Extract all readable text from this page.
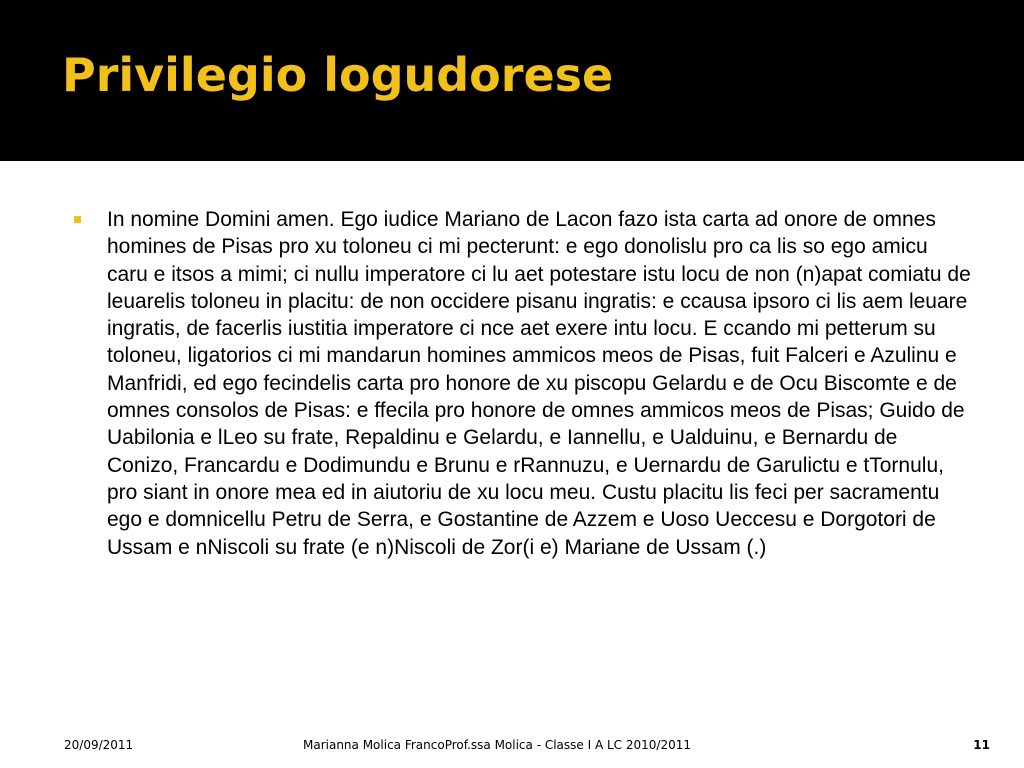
Privilegio logudorese

In nomine Domini amen. Ego iudice Mariano de Lacon fazo ista carta ad onore de omnes homines de Pisas pro xu toloneu ci mi pecterunt: e ego donolislu pro ca lis so ego amicu caru e itsos a mimi; ci nullu imperatore ci lu aet potestare istu locu de non (n)apat comiatu de leuarelis toloneu in placitu: de non occidere pisanu ingratis: e ccausa ipsoro ci lis aem leuare ingratis, de facerlis iustitia imperatore ci nce aet exere intu locu. E ccando mi petterum su toloneu, ligatorios ci mi mandarun homines ammicos meos de Pisas, fuit Falceri e Azulinu e Manfridi, ed ego fecindelis carta pro honore de xu piscopu Gelardu e de Ocu Biscomte e de omnes consolos de Pisas: e ffecila pro honore de omnes ammicos meos de Pisas; Guido de Uabilonia e lLeo su frate, Repaldinu e Gelardu, e Iannellu, e Ualduinu, e Bernardu de Conizo, Francardu e Dodimundu e Brunu e rRannuzu, e Uernardu de Garulictu e tTornulu, pro siant in onore mea ed in aiutoriu de xu locu meu. Custu placitu lis feci per sacramentu ego e domnicellu Petru de Serra, e Gostantine de Azzem e Uoso Ueccesu e Dorgotori de Ussam e nNiscoli su frate (e n)Niscoli de Zor(i e) Mariane de Ussam (.)

20/09/2011	Marianna Molica FrancoProf.ssa Molica - Classe I A LC 2010/2011	11
